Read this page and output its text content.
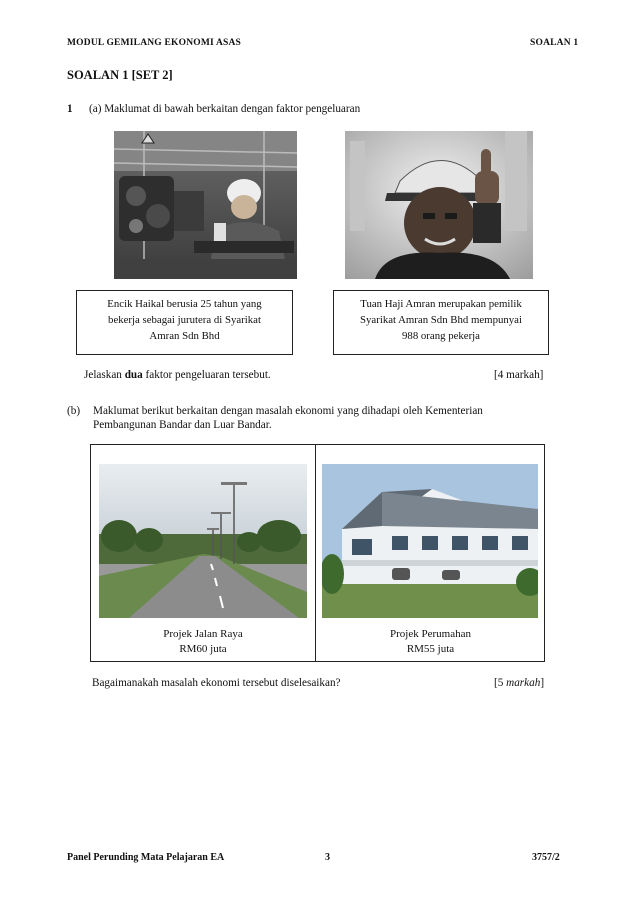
MODUL GEMILANG EKONOMI ASAS	SOALAN 1
SOALAN 1 [SET 2]
1 (a) Maklumat di bawah berkaitan dengan faktor pengeluaran
Encik Haikal berusia 25 tahun yang
bekerja sebagai jurutera di Syarikat
Amran Sdn Bhd
Tuan Haji Amran merupakan pemilik
Syarikat Amran Sdn Bhd mempunyai
988 orang pekerja
Jelaskan dua faktor pengeluaran tersebut.	[4 markah]
(b) Maklumat berikut berkaitan dengan masalah ekonomi yang dihadapi oleh Kementerian
Pembangunan Bandar dan Luar Bandar.
Projek Jalan Raya
RM60 juta
Projek Perumahan
RM55 juta
Bagaimanakah masalah ekonomi tersebut diselesaikan?	[5 markah]
Panel Perunding Mata Pelajaran EA	3	3757/2
